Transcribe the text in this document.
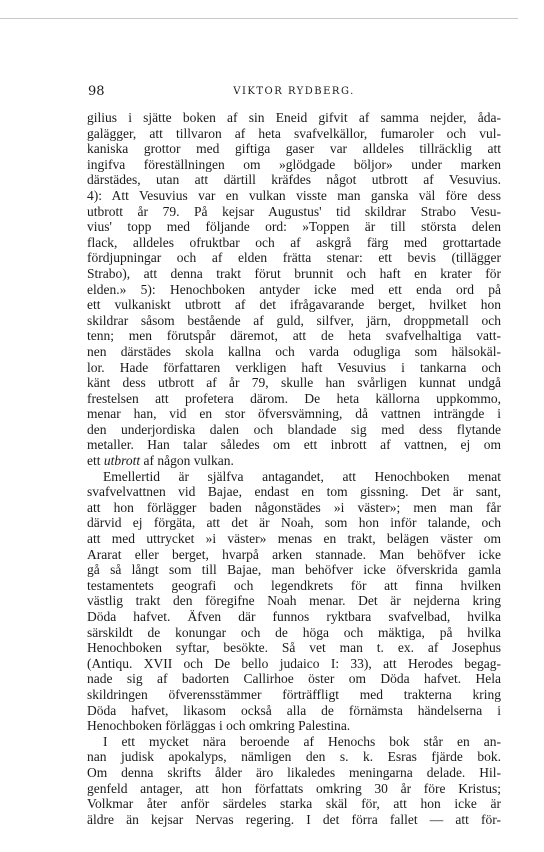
98	VIKTOR RYDBERG.
gilius i sjätte boken af sin Eneid gifvit af samma nejder, åda-
galägger, att tillvaron af heta svafvelkällor, fumaroler och vul-
kaniska grottor med giftiga gaser var alldeles tillräcklig att
ingifva föreställningen om »glödgade böljor» under marken
därstädes, utan att därtill kräfdes något utbrott af Vesuvius.
4): Att Vesuvius var en vulkan visste man ganska väl före dess
utbrott år 79. På kejsar Augustus' tid skildrar Strabo Vesu-
vius' topp med följande ord: »Toppen är till största delen
flack, alldeles ofruktbar och af askgrå färg med grottartade
fördjupningar och af elden frätta stenar: ett bevis (tillägger
Strabo), att denna trakt förut brunnit och haft en krater för
elden.» 5): Henochboken antyder icke med ett enda ord på
ett vulkaniskt utbrott af det ifrågavarande berget, hvilket hon
skildrar såsom bestående af guld, silfver, järn, droppmetall och
tenn; men förutspår däremot, att de heta svafvelhaltiga vatt-
nen därstädes skola kallna och varda odugliga som hälsokäl-
lor. Hade författaren verkligen haft Vesuvius i tankarna och
känt dess utbrott af år 79, skulle han svårligen kunnat undgå
frestelsen att profetera därom. De heta källorna uppkommo,
menar han, vid en stor öfversvämning, då vattnen inträngde i
den underjordiska dalen och blandade sig med dess flytande
metaller. Han talar således om ett inbrott af vattnen, ej om
ett utbrott af någon vulkan.
Emellertid är själfva antagandet, att Henochboken menat
svafvelvattnen vid Bajae, endast en tom gissning. Det är sant,
att hon förlägger baden någonstädes »i väster»; men man får
därvid ej förgäta, att det är Noah, som hon inför talande, och
att med uttrycket »i väster» menas en trakt, belägen väster om
Ararat eller berget, hvarpå arken stannade. Man behöfver icke
gå så långt som till Bajae, man behöfver icke öfverskrida gamla
testamentets geografi och legendkrets för att finna hvilken
västlig trakt den föregifne Noah menar. Det är nejderna kring
Döda hafvet. Äfven där funnos ryktbara svafvelbad, hvilka
särskildt de konungar och de höga och mäktiga, på hvilka
Henochboken syftar, besökte. Så vet man t. ex. af Josephus
(Antiqu. XVII och De bello judaico I: 33), att Herodes begag-
nade sig af badorten Callirhoe öster om Döda hafvet. Hela
skildringen öfverensstämmer förträffligt med trakterna kring
Döda hafvet, likasom också alla de förnämsta händelserna i
Henochboken förläggas i och omkring Palestina.
I ett mycket nära beroende af Henochs bok står en an-
nan judisk apokalyps, nämligen den s. k. Esras fjärde bok.
Om denna skrifts ålder äro likaledes meningarna delade. Hil-
genfeld antager, att hon författats omkring 30 år före Kristus;
Volkmar åter anför särdeles starka skäl för, att hon icke är
äldre än kejsar Nervas regering. I det förra fallet — att för-
